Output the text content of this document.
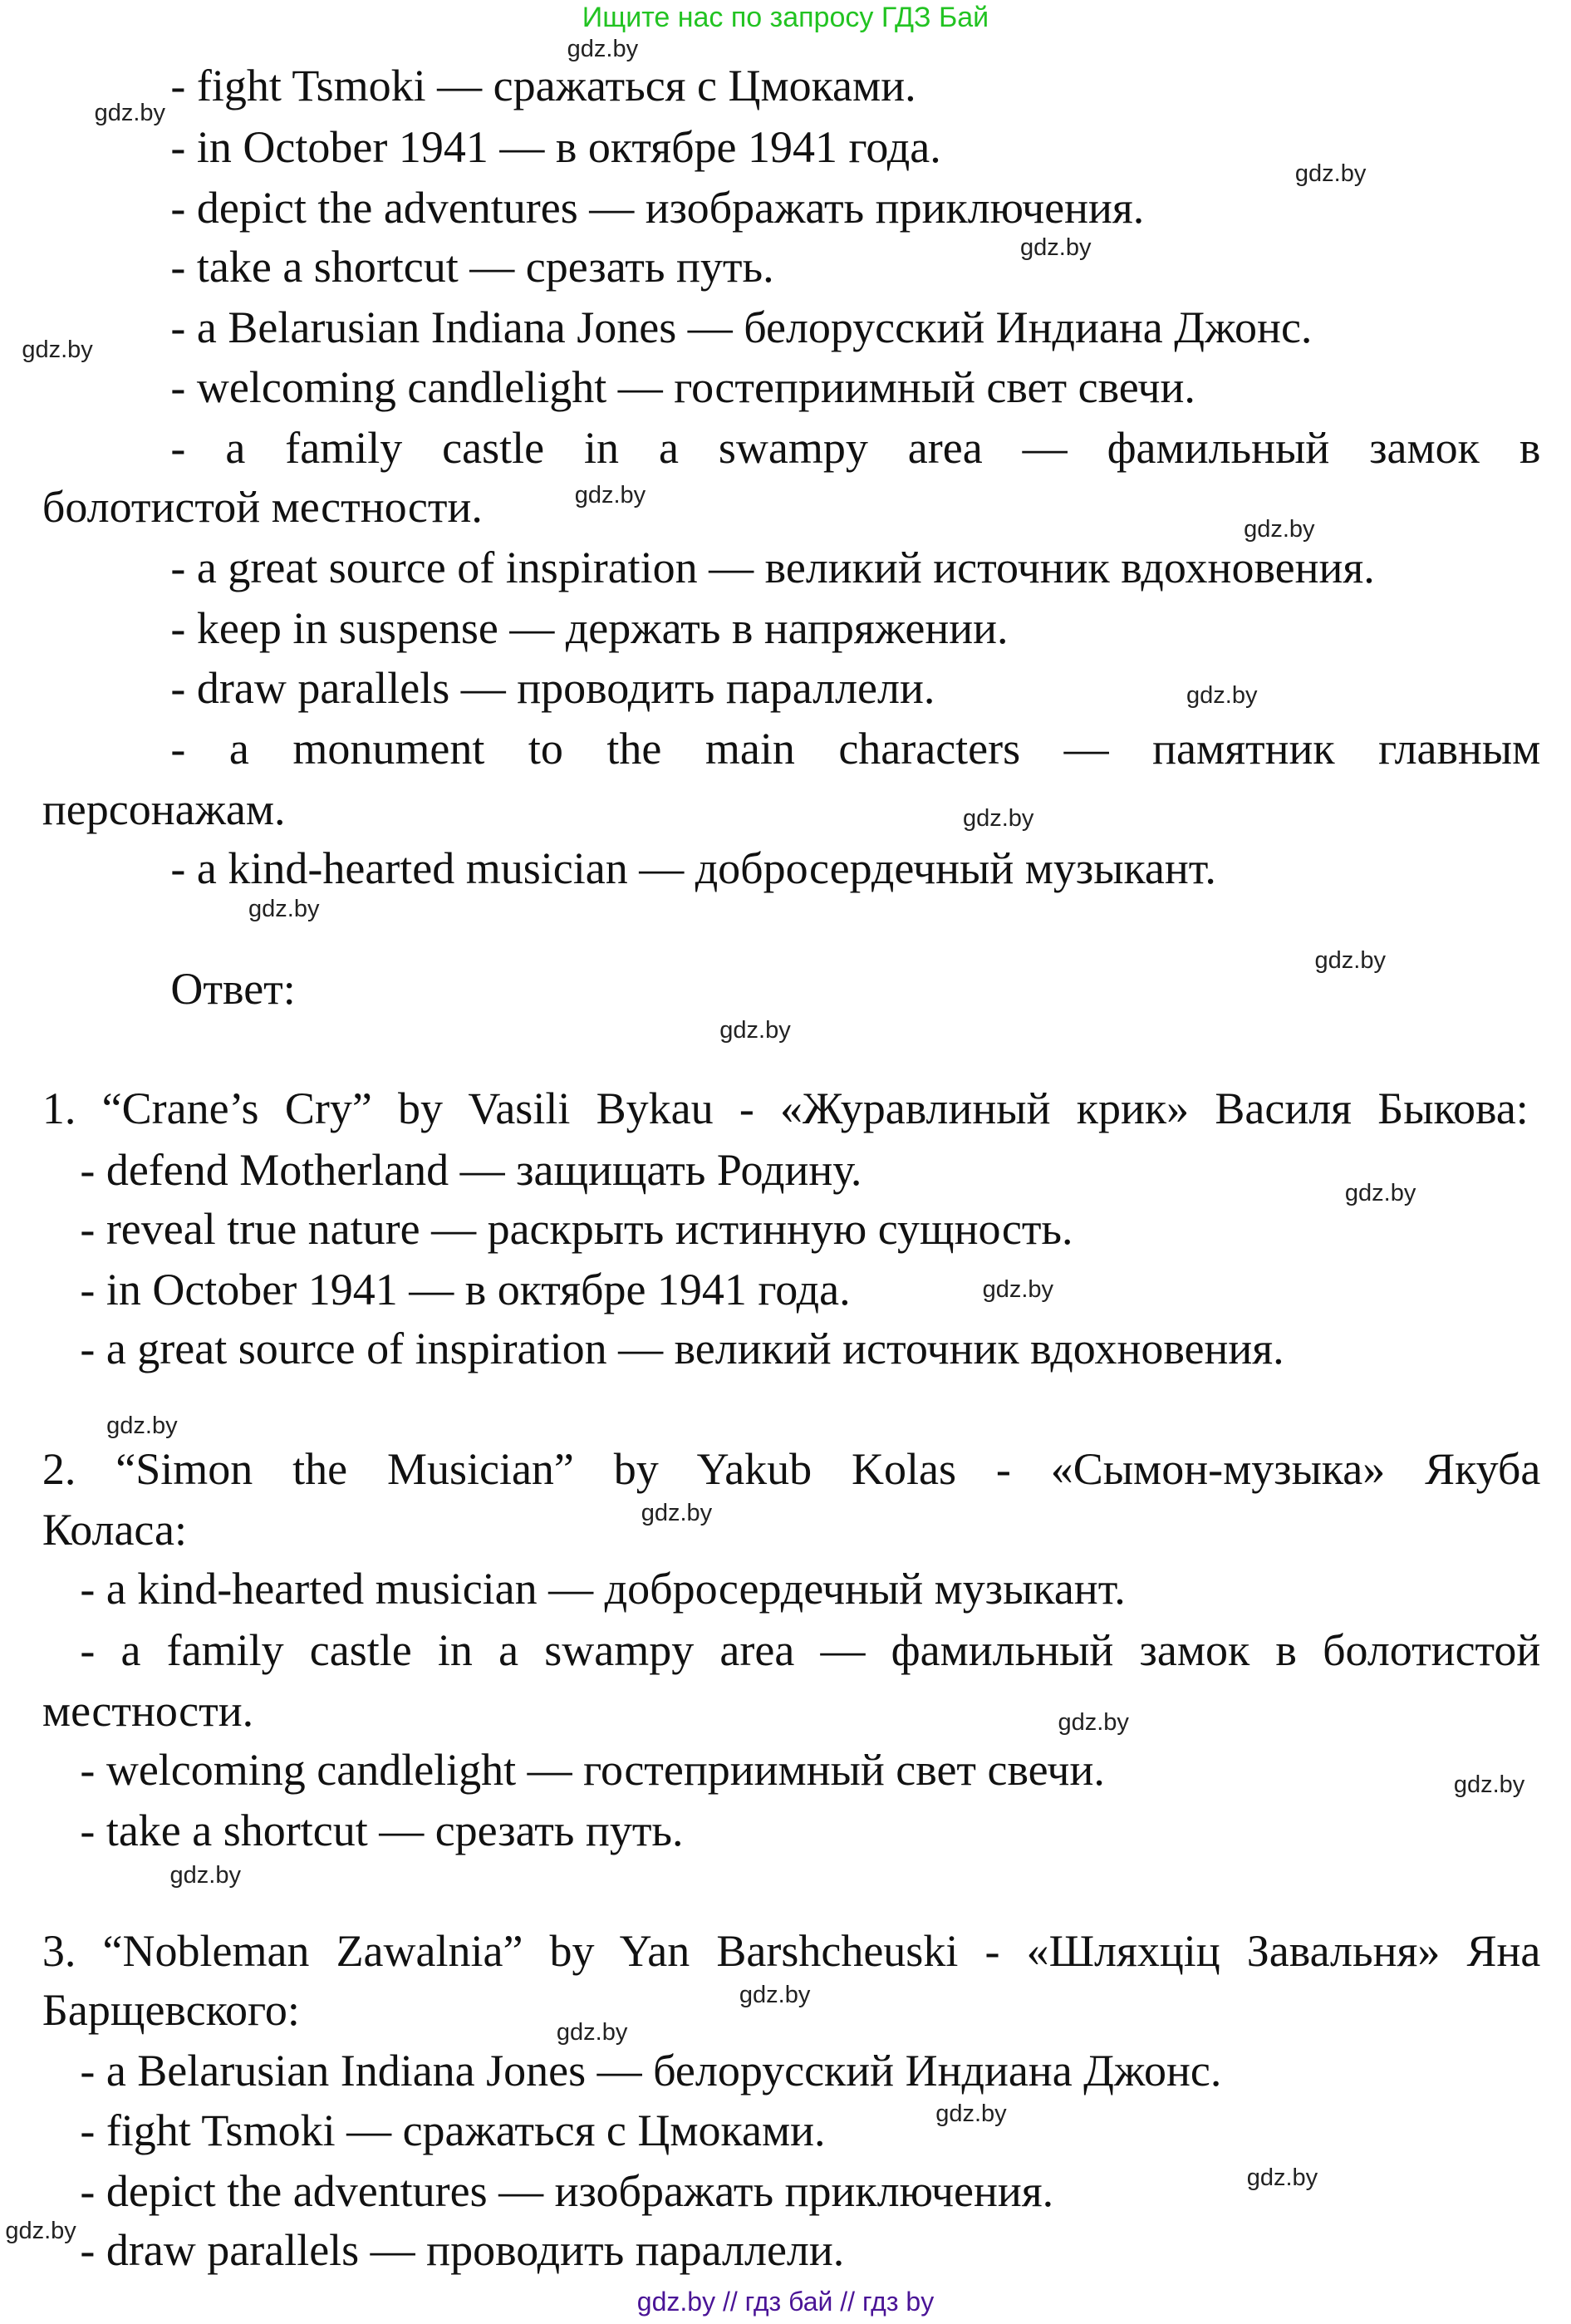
Ищите нас по запросу ГДЗ Бай
- fight Tsmoki — сражаться с Цмоками.
- in October 1941 — в октябре 1941 года.
- depict the adventures — изображать приключения.
- take a shortcut — срезать путь.
- a Belarusian Indiana Jones — белорусский Индиана Джонс.
- welcoming candlelight — гостеприимный свет свечи.
- a family castle in a swampy area — фамильный замок в
болотистой местности.
- a great source of inspiration — великий источник вдохновения.
- keep in suspense — держать в напряжении.
- draw parallels — проводить параллели.
- a monument to the main characters — памятник главным
персонажам.
- a kind-hearted musician — добросердечный музыкант.
Ответ:
1. “Crane’s Cry” by Vasili Bykau - «Журавлиный крик» Василя Быкова:
- defend Motherland — защищать Родину.
- reveal true nature — раскрыть истинную сущность.
- in October 1941 — в октябре 1941 года.
- a great source of inspiration — великий источник вдохновения.
2. “Simon the Musician” by Yakub Kolas - «Сымон-музыка» Якуба
Коласа:
- a kind-hearted musician — добросердечный музыкант.
- a family castle in a swampy area — фамильный замок в болотистой
местности.
- welcoming candlelight — гостеприимный свет свечи.
- take a shortcut — срезать путь.
3. “Nobleman Zawalnia” by Yan Barshcheuski - «Шляхціц Завальня» Яна
Барщевского:
- a Belarusian Indiana Jones — белорусский Индиана Джонс.
- fight Tsmoki — сражаться с Цмоками.
- depict the adventures — изображать приключения.
- draw parallels — проводить параллели.
gdz.by
gdz.by
gdz.by
gdz.by
gdz.by
gdz.by
gdz.by
gdz.by
gdz.by
gdz.by
gdz.by
gdz.by
gdz.by
gdz.by
gdz.by
gdz.by
gdz.by
gdz.by
gdz.by
gdz.by
gdz.by
gdz.by
gdz.by
gdz.by
gdz.by // гдз бай // гдз by
